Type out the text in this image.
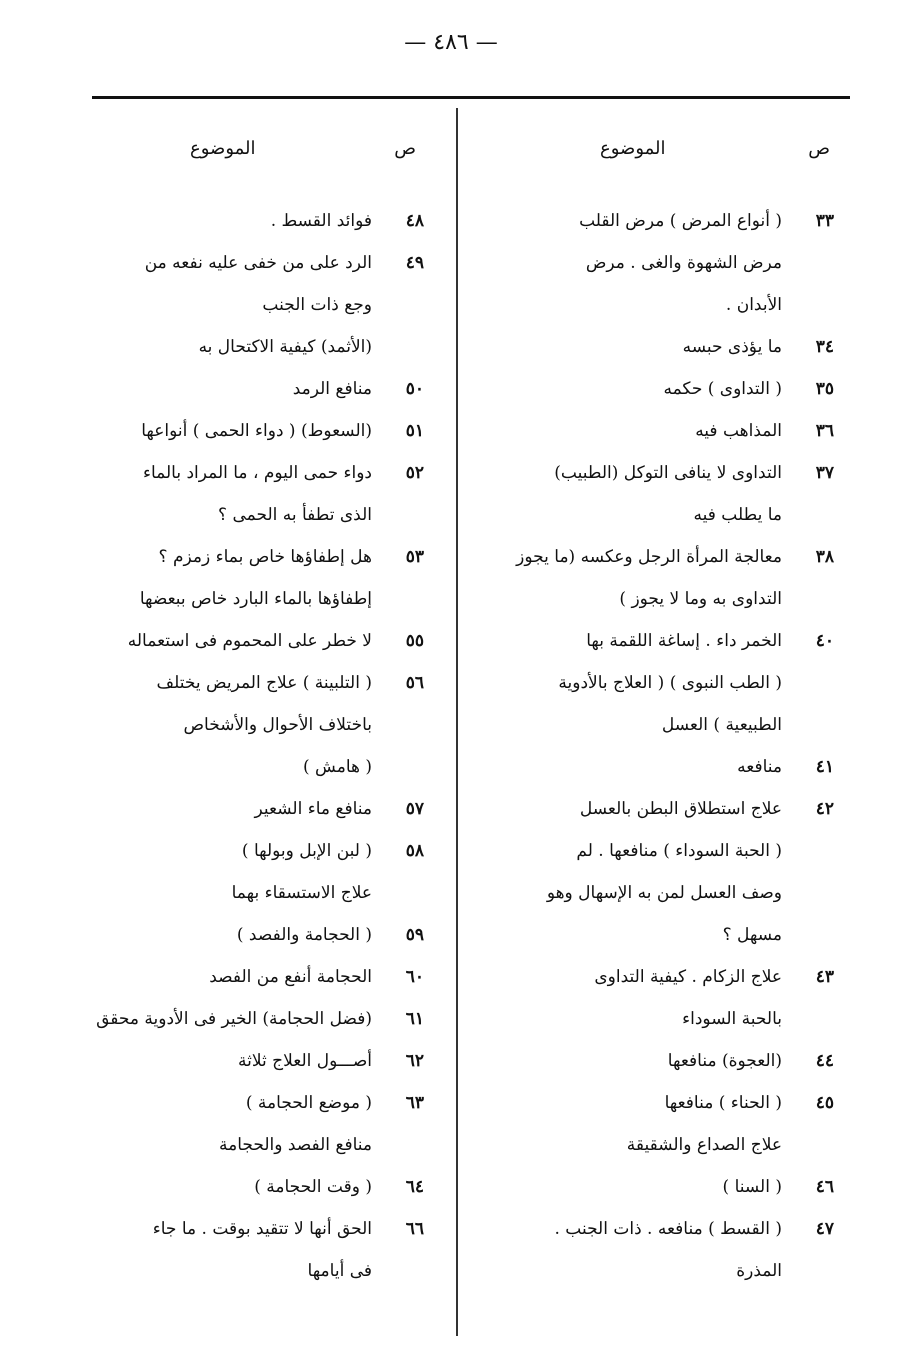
— ٤٨٦ —
ص
الموضوع
٣٣
( أنواع المرض ) مرض القلب
مرض الشهوة والغى . مرض
الأبدان .
٣٤
ما يؤذى حبسه
٣٥
( التداوى ) حكمه
٣٦
المذاهب فيه
٣٧
التداوى لا ينافى التوكل (الطبيب)
ما يطلب فيه
٣٨
معالجة المرأة الرجل وعكسه (ما يجوز
التداوى به وما لا يجوز )
٤٠
الخمر داء . إساغة اللقمة بها
( الطب النبوى ) ( العلاج بالأدوية
الطبيعية ) العسل
٤١
منافعه
٤٢
علاج استطلاق البطن بالعسل
( الحبة السوداء ) منافعها . لم
وصف العسل لمن به الإسهال وهو
مسهل ؟
٤٣
علاج الزكام . كيفية التداوى
بالحبة السوداء
٤٤
(العجوة) منافعها
٤٥
( الحناء ) منافعها
علاج الصداع والشقيقة
٤٦
( السنا )
٤٧
( القسط ) منافعه . ذات الجنب .
المذرة
ص
الموضوع
٤٨
فوائد القسط .
٤٩
الرد على من خفى عليه نفعه من
وجع ذات الجنب
(الأثمد) كيفية الاكتحال به
٥٠
منافع الرمد
٥١
(السعوط) ( دواء الحمى ) أنواعها
٥٢
دواء حمى اليوم ، ما المراد بالماء
الذى تطفأ به الحمى ؟
٥٣
هل إطفاؤها خاص بماء زمزم ؟
إطفاؤها بالماء البارد خاص ببعضها
٥٥
لا خطر على المحموم فى استعماله
٥٦
( التلبينة ) علاج المريض يختلف
باختلاف الأحوال والأشخاص
( هامش )
٥٧
منافع ماء الشعير
٥٨
( لبن الإبل وبولها )
علاج الاستسقاء بهما
٥٩
( الحجامة والفصد )
٦٠
الحجامة أنفع من الفصد
٦١
(فضل الحجامة) الخير فى الأدوية محقق
٦٢
أصـــول العلاج ثلاثة
٦٣
( موضع الحجامة )
منافع الفصد والحجامة
٦٤
( وقت الحجامة )
٦٦
الحق أنها لا تتقيد بوقت . ما جاء
فى أيامها
